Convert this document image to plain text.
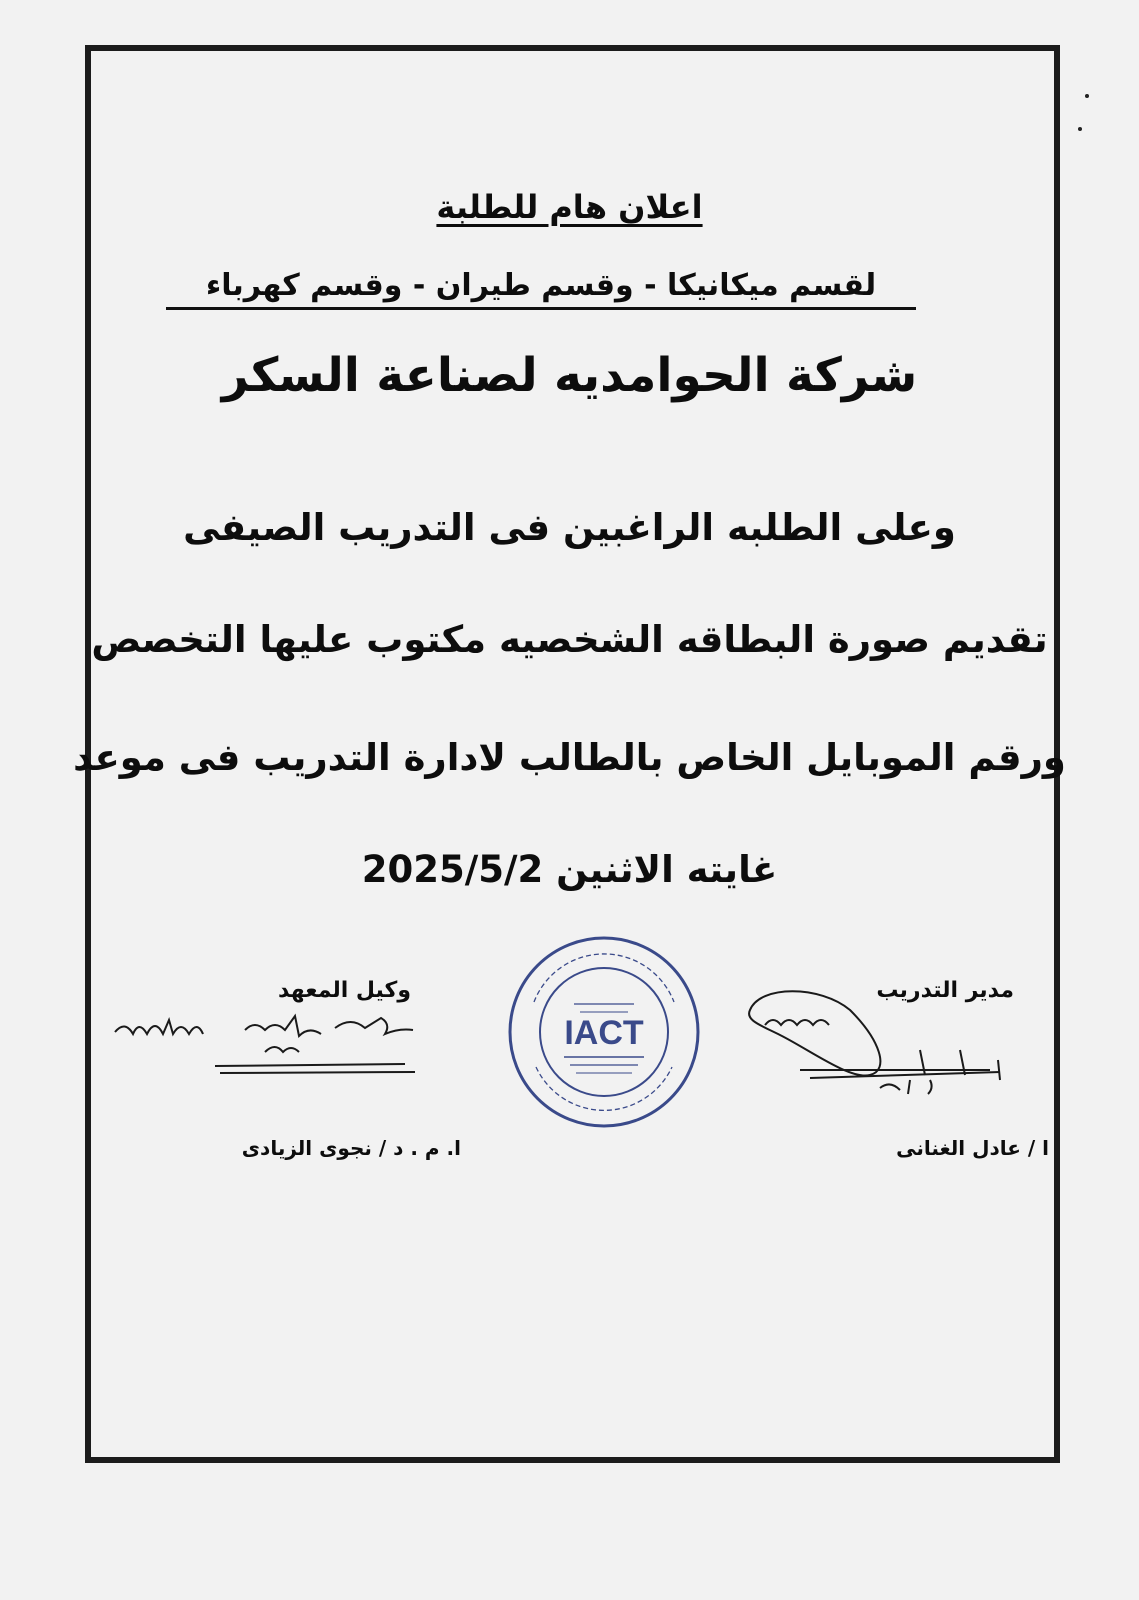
اعلان هام للطلبة
لقسم ميكانيكا - وقسم طيران - وقسم كهرباء
شركة الحوامديه لصناعة السكر
وعلى الطلبه الراغبين فى التدريب الصيفى
تقديم صورة البطاقه الشخصيه مكتوب عليها التخصص
ورقم الموبايل الخاص بالطالب لادارة التدريب فى موعد
غايته الاثنين 2025/5/2
مدير التدريب
ا / عادل الغنانى
وكيل المعهد
ا. م . د / نجوى الزيادى
IACT
